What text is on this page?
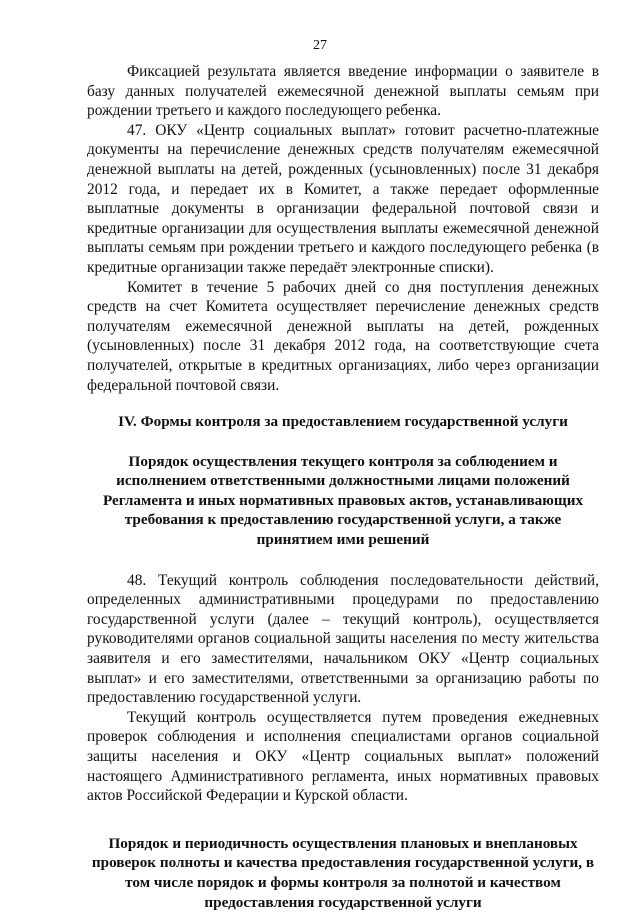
27

Фиксацией результата является введение информации о заявителе в базу данных получателей ежемесячной денежной выплаты семьям при рождении третьего и каждого последующего ребенка.

47. ОКУ «Центр социальных выплат» готовит расчетно-платежные документы на перечисление денежных средств получателям ежемесячной денежной выплаты на детей, рожденных (усыновленных) после 31 декабря 2012 года, и передает их в Комитет, а также передает оформленные выплатные документы в организации федеральной почтовой связи и кредитные организации для осуществления выплаты ежемесячной денежной выплаты семьям при рождении третьего и каждого последующего ребенка (в кредитные организации также передаёт электронные списки).

Комитет в течение 5 рабочих дней со дня поступления денежных средств на счет Комитета осуществляет перечисление денежных средств получателям ежемесячной денежной выплаты на детей, рожденных (усыновленных) после 31 декабря 2012 года, на соответствующие счета получателей, открытые в кредитных организациях, либо через организации федеральной почтовой связи.

IV. Формы контроля за предоставлением государственной услуги

Порядок осуществления текущего контроля за соблюдением и исполнением ответственными должностными лицами положений Регламента и иных нормативных правовых актов, устанавливающих требования к предоставлению государственной услуги, а также принятием ими решений

48. Текущий контроль соблюдения последовательности действий, определенных административными процедурами по предоставлению государственной услуги (далее – текущий контроль), осуществляется руководителями органов социальной защиты населения по месту жительства заявителя и его заместителями, начальником ОКУ «Центр социальных выплат» и его заместителями, ответственными за организацию работы по предоставлению государственной услуги.

Текущий контроль осуществляется путем проведения ежедневных проверок соблюдения и исполнения специалистами органов социальной защиты населения и ОКУ «Центр социальных выплат» положений настоящего Административного регламента, иных нормативных правовых актов Российской Федерации и Курской области.

Порядок и периодичность осуществления плановых и внеплановых проверок полноты и качества предоставления государственной услуги, в том числе порядок и формы контроля за полнотой и качеством предоставления государственной услуги
